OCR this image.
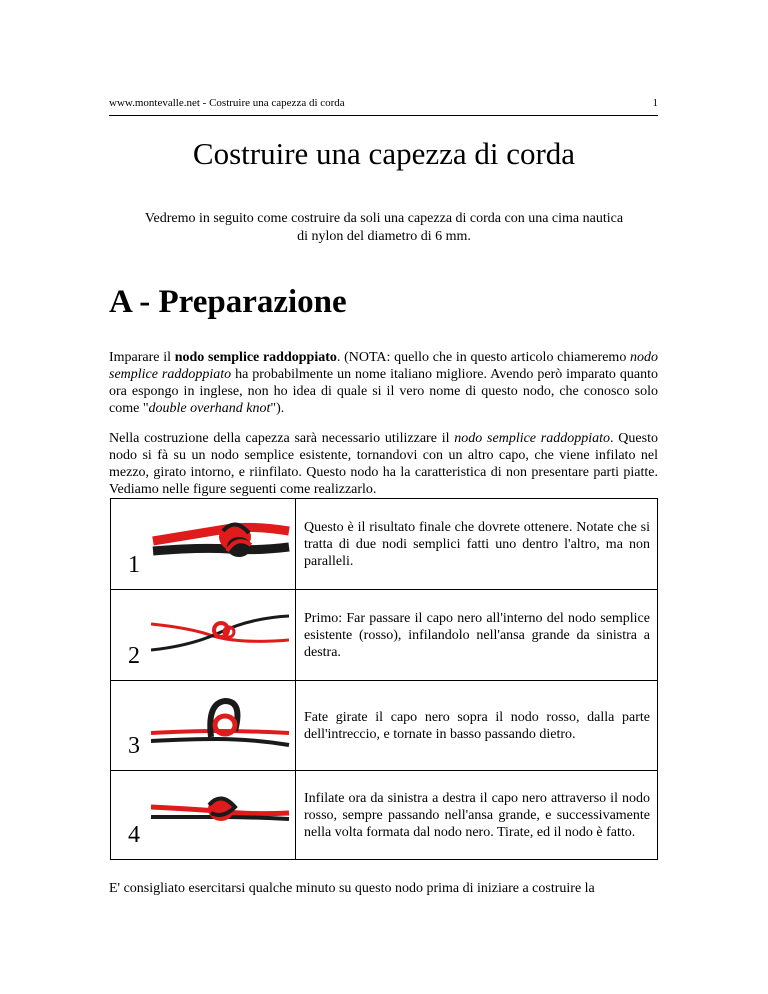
www.montevalle.net - Costruire una capezza di corda	1
Costruire una capezza di corda
Vedremo in seguito come costruire da soli una capezza di corda con una cima nautica di nylon del diametro di 6 mm.
A - Preparazione

Imparare il nodo semplice raddoppiato. (NOTA: quello che in questo articolo chiameremo nodo semplice raddoppiato ha probabilmente un nome italiano migliore. Avendo però imparato quanto ora espongo in inglese, non ho idea di quale si il vero nome di questo nodo, che conosco solo come "double overhand knot").

Nella costruzione della capezza sarà necessario utilizzare il nodo semplice raddoppiato. Questo nodo si fà su un nodo semplice esistente, tornandovi con un altro capo, che viene infilato nel mezzo, girato intorno, e riinfilato. Questo nodo ha la caratteristica di non presentare parti piatte. Vediamo nelle figure seguenti come realizzarlo.

1	Questo è il risultato finale che dovrete ottenere. Notate che si tratta di due nodi semplici fatti uno dentro l'altro, ma non paralleli.

2	Primo: Far passare il capo nero all'interno del nodo semplice esistente (rosso), infilandolo nell'ansa grande da sinistra a destra.

3	Fate girate il capo nero sopra il nodo rosso, dalla parte dell'intreccio, e tornate in basso passando dietro.

4	Infilate ora da sinistra a destra il capo nero attraverso il nodo rosso, sempre passando nell'ansa grande, e successivamente nella volta formata dal nodo nero. Tirate, ed il nodo è fatto.

E' consigliato esercitarsi qualche minuto su questo nodo prima di iniziare a costruire la
